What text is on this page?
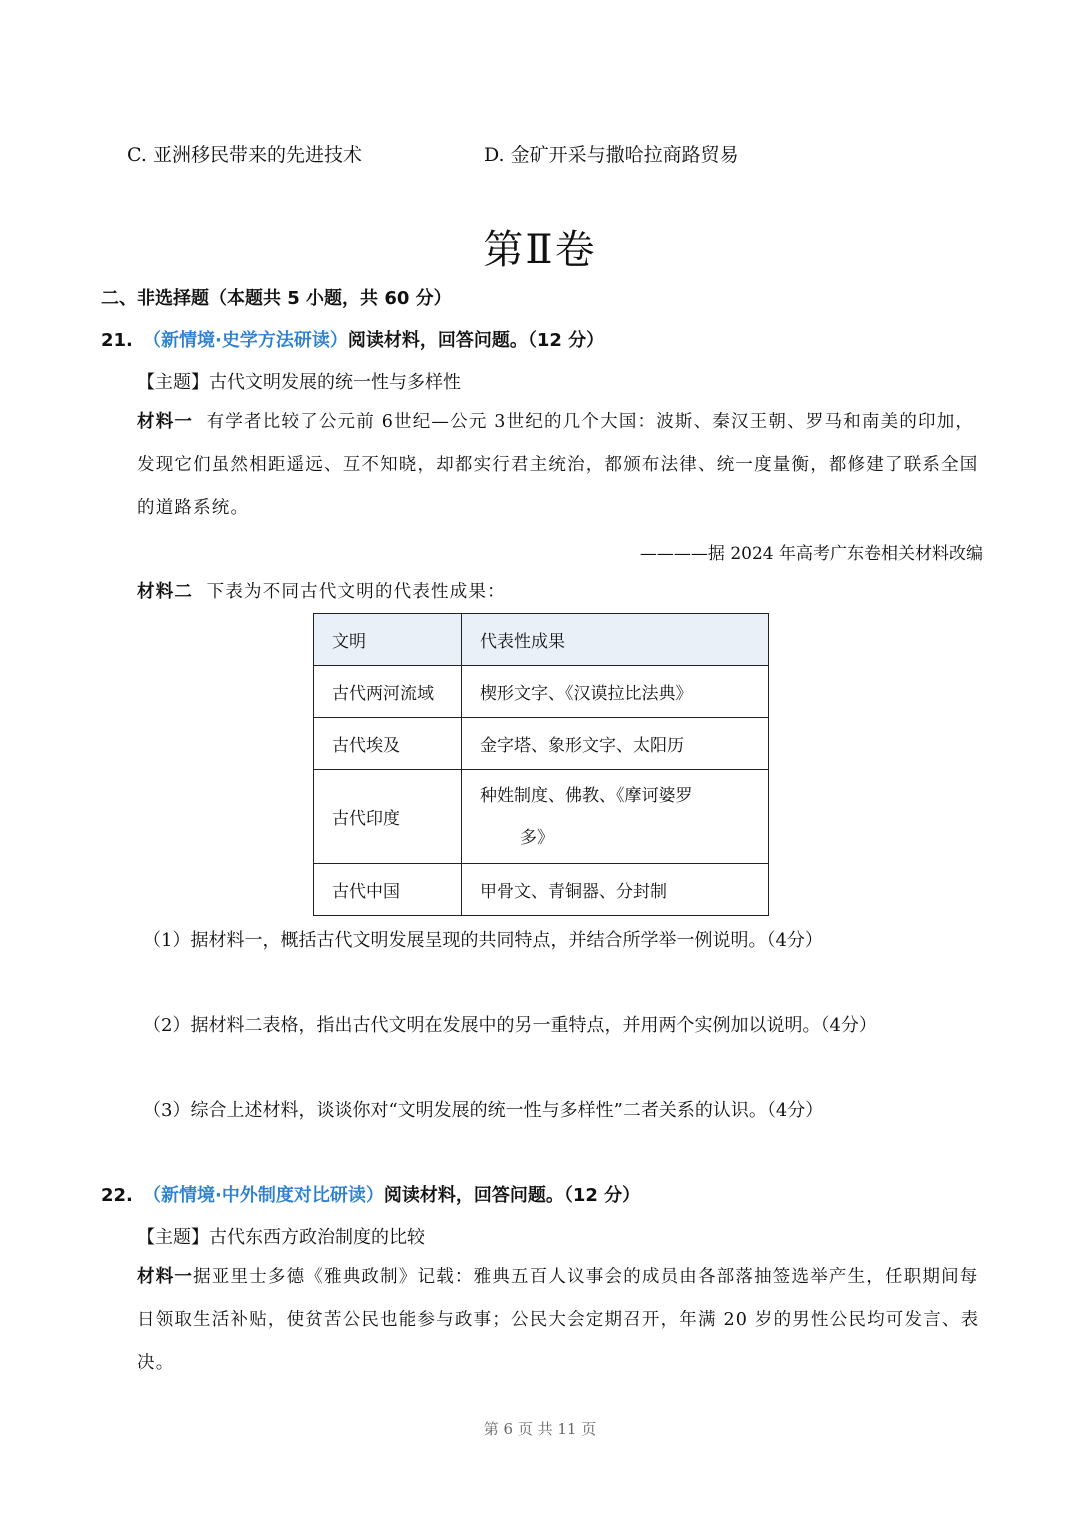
C. 亚洲移民带来的先进技术	D. 金矿开采与撒哈拉商路贸易
第Ⅱ卷
二、非选择题（本题共 5 小题，共 60 分）
21. （新情境·史学方法研读）阅读材料，回答问题。（12 分）
【主题】古代文明发展的统一性与多样性
材料一 有学者比较了公元前 6世纪—公元 3世纪的几个大国：波斯、秦汉王朝、罗马和南美的印加，发现它们虽然相距遥远、互不知晓，却都实行君主统治，都颁布法律、统一度量衡，都修建了联系全国的道路系统。
————据 2024 年高考广东卷相关材料改编
材料二 下表为不同古代文明的代表性成果：
文明	代表性成果
古代两河流域	楔形文字、《汉谟拉比法典》
古代埃及	金字塔、象形文字、太阳历
古代印度	种姓制度、佛教、《摩诃婆罗
多》

古代中国	甲骨文、青铜器、分封制
（1）据材料一，概括古代文明发展呈现的共同特点，并结合所学举一例说明。（4分）
（2）据材料二表格，指出古代文明在发展中的另一重特点，并用两个实例加以说明。（4分）
（3）综合上述材料，谈谈你对“文明发展的统一性与多样性”二者关系的认识。（4分）
22. （新情境·中外制度对比研读）阅读材料，回答问题。（12 分）
【主题】古代东西方政治制度的比较
材料一据亚里士多德《雅典政制》记载：雅典五百人议事会的成员由各部落抽签选举产生，任职期间每日领取生活补贴，使贫苦公民也能参与政事；公民大会定期召开，年满 20 岁的男性公民均可发言、表决。
第 6 页 共 11 页
